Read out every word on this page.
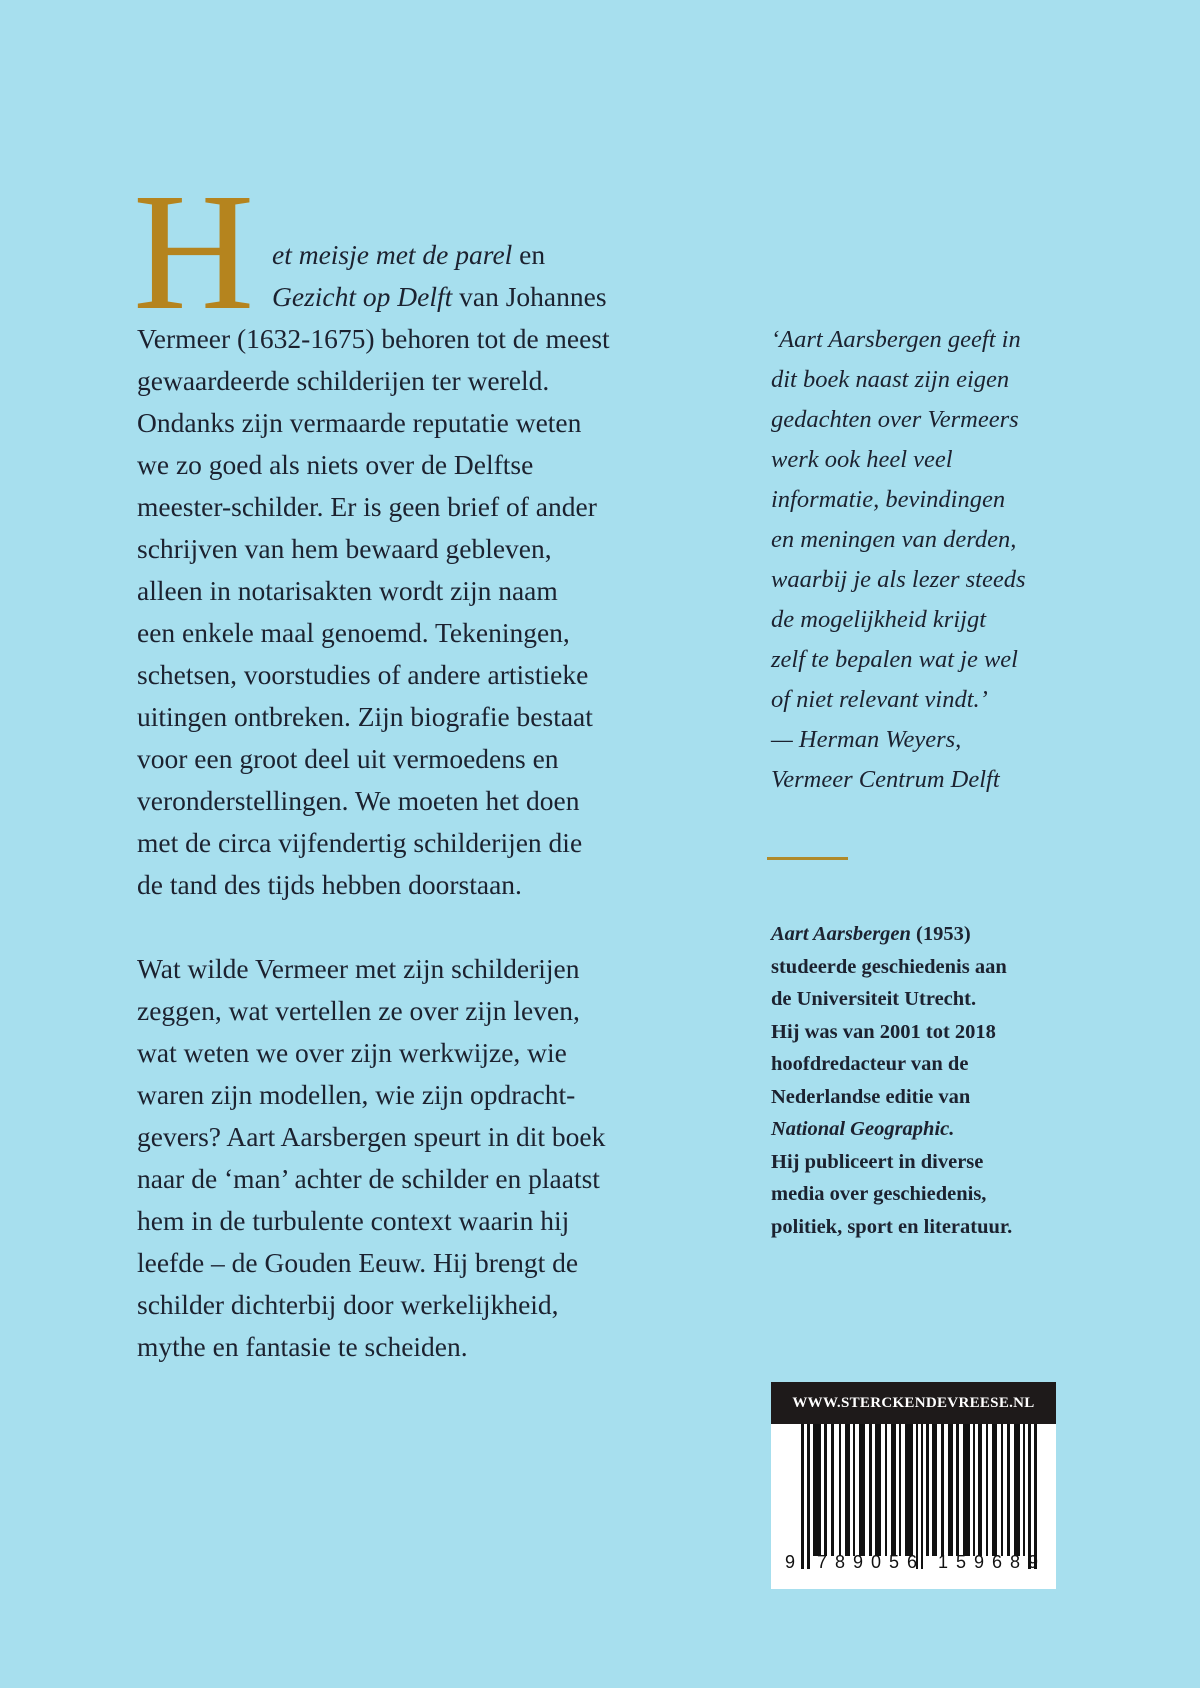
H et meisje met de parel en
Gezicht op Delft van Johannes
Vermeer (1632-1675) behoren tot de meest
gewaardeerde schilderijen ter wereld.
Ondanks zijn vermaarde reputatie weten
we zo goed als niets over de Delftse
meester-schilder. Er is geen brief of ander
schrijven van hem bewaard gebleven,
alleen in notarisakten wordt zijn naam
een enkele maal genoemd. Tekeningen,
schetsen, voorstudies of andere artistieke
uitingen ontbreken. Zijn biografie bestaat
voor een groot deel uit vermoedens en
veronderstellingen. We moeten het doen
met de circa vijfendertig schilderijen die
de tand des tijds hebben doorstaan.
Wat wilde Vermeer met zijn schilderijen
zeggen, wat vertellen ze over zijn leven,
wat weten we over zijn werkwijze, wie
waren zijn modellen, wie zijn opdracht-
gevers? Aart Aarsbergen speurt in dit boek
naar de ‘man’ achter de schilder en plaatst
hem in de turbulente context waarin hij
leefde – de Gouden Eeuw. Hij brengt de
schilder dichterbij door werkelijkheid,
mythe en fantasie te scheiden.
‘Aart Aarsbergen geeft in
dit boek naast zijn eigen
gedachten over Vermeers
werk ook heel veel
informatie, bevindingen
en meningen van derden,
waarbij je als lezer steeds
de mogelijkheid krijgt
zelf te bepalen wat je wel
of niet relevant vindt.’
— Herman Weyers,
Vermeer Centrum Delft
Aart Aarsbergen (1953)
studeerde geschiedenis aan
de Universiteit Utrecht.
Hij was van 2001 tot 2018
hoofdredacteur van de
Nederlandse editie van
National Geographic.
Hij publiceert in diverse
media over geschiedenis,
politiek, sport en literatuur.
WWW.STERCKENDEVREESE.NL
9 7 8 9 0 5 6 1 5 9 6 8 9
